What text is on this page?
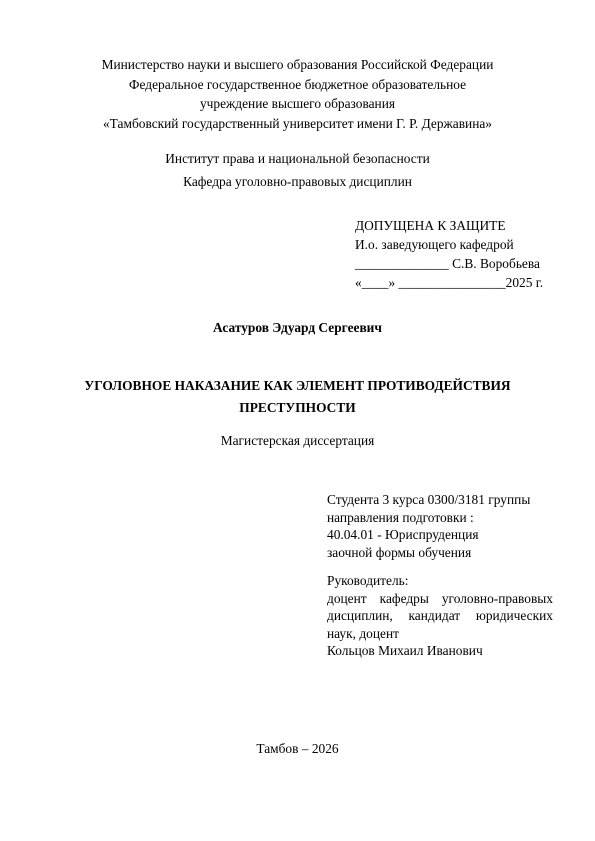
Министерство науки и высшего образования Российской Федерации
Федеральное государственное бюджетное образовательное
учреждение высшего образования
«Тамбовский государственный университет имени Г. Р. Державина»
Институт права и национальной безопасности
Кафедра уголовно-правовых дисциплин
ДОПУЩЕНА К ЗАЩИТЕ
И.о. заведующего кафедрой
______________ С.В. Воробьева
«____» ________________2025 г.
Асатуров Эдуард Сергеевич
УГОЛОВНОЕ НАКАЗАНИЕ КАК ЭЛЕМЕНТ ПРОТИВОДЕЙСТВИЯ
ПРЕСТУПНОСТИ
Магистерская диссертация
Студента 3 курса 0300/3181 группы
направления подготовки :
40.04.01 - Юриспруденция
заочной формы обучения
Руководитель:
доцент кафедры уголовно-правовых
дисциплин, кандидат юридических
наук, доцент
Кольцов Михаил Иванович
Тамбов – 2026
